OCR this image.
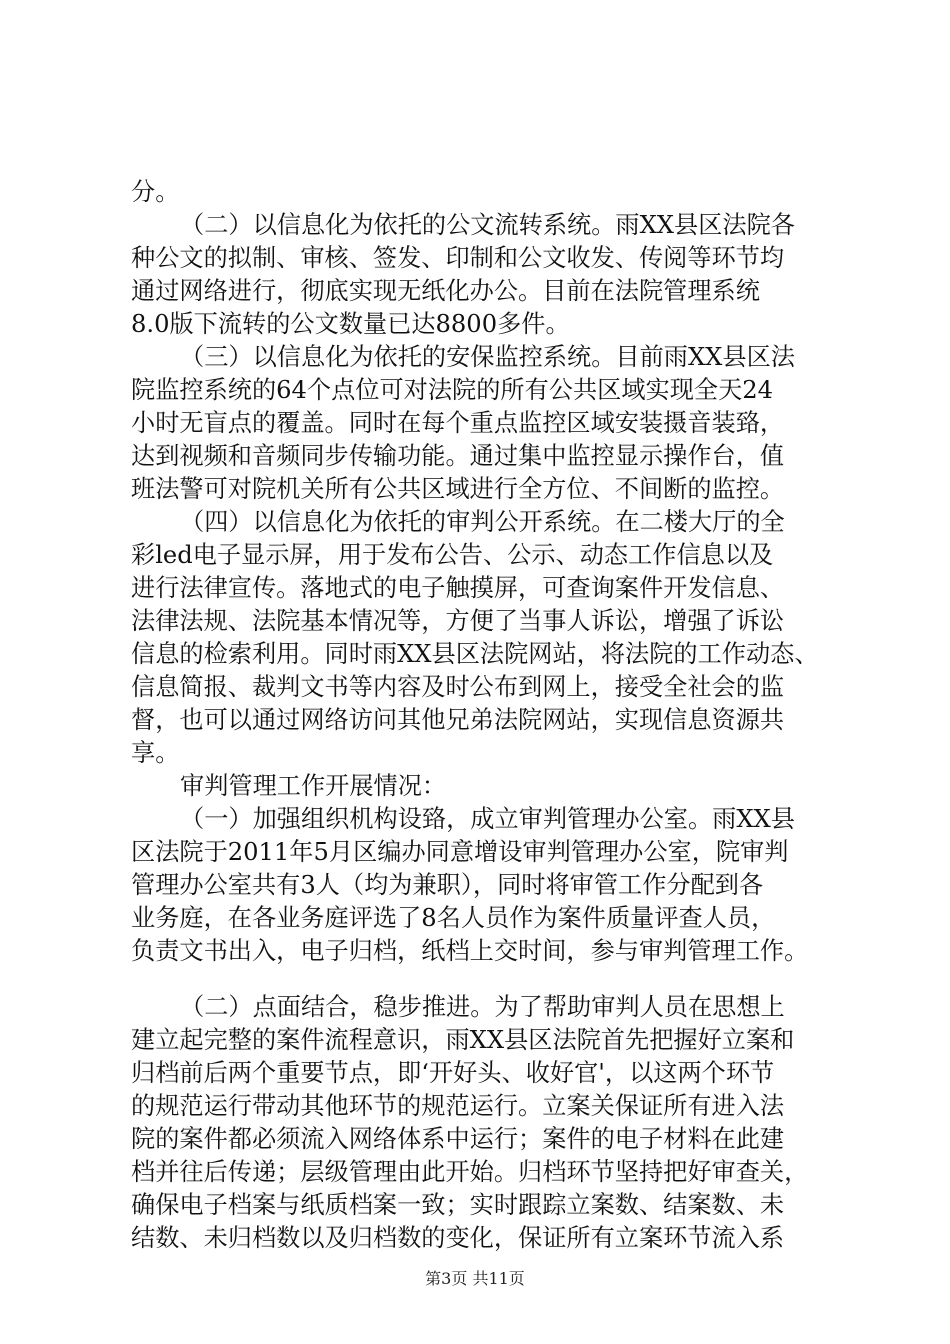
分。
（二）以信息化为依托的公文流转系统。雨XX县区法院各
种公文的拟制、审核、签发、印制和公文收发、传阅等环节均
通过网络进行，彻底实现无纸化办公。目前在法院管理系统
8.0版下流转的公文数量已达8800多件。
（三）以信息化为依托的安保监控系统。目前雨XX县区法
院监控系统的64个点位可对法院的所有公共区域实现全天24
小时无盲点的覆盖。同时在每个重点监控区域安装摄音装臵，
达到视频和音频同步传输功能。通过集中监控显示操作台，值
班法警可对院机关所有公共区域进行全方位、不间断的监控。
（四）以信息化为依托的审判公开系统。在二楼大厅的全
彩led电子显示屏，用于发布公告、公示、动态工作信息以及
进行法律宣传。落地式的电子触摸屏，可查询案件开发信息、
法律法规、法院基本情况等，方便了当事人诉讼，增强了诉讼
信息的检索利用。同时雨XX县区法院网站，将法院的工作动态、
信息简报、裁判文书等内容及时公布到网上，接受全社会的监
督，也可以通过网络访问其他兄弟法院网站，实现信息资源共
享。
审判管理工作开展情况：
（一）加强组织机构设臵，成立审判管理办公室。雨XX县
区法院于2011年5月区编办同意增设审判管理办公室，院审判
管理办公室共有3人（均为兼职），同时将审管工作分配到各
业务庭，在各业务庭评选了8名人员作为案件质量评查人员，
负责文书出入，电子归档，纸档上交时间，参与审判管理工作。
（二）点面结合，稳步推进。为了帮助审判人员在思想上
建立起完整的案件流程意识，雨XX县区法院首先把握好立案和
归档前后两个重要节点，即‘开好头、收好官'，以这两个环节
的规范运行带动其他环节的规范运行。立案关保证所有进入法
院的案件都必须流入网络体系中运行；案件的电子材料在此建
档并往后传递；层级管理由此开始。归档环节坚持把好审查关，
确保电子档案与纸质档案一致；实时跟踪立案数、结案数、未
结数、未归档数以及归档数的变化，保证所有立案环节流入系
第3页 共11页
